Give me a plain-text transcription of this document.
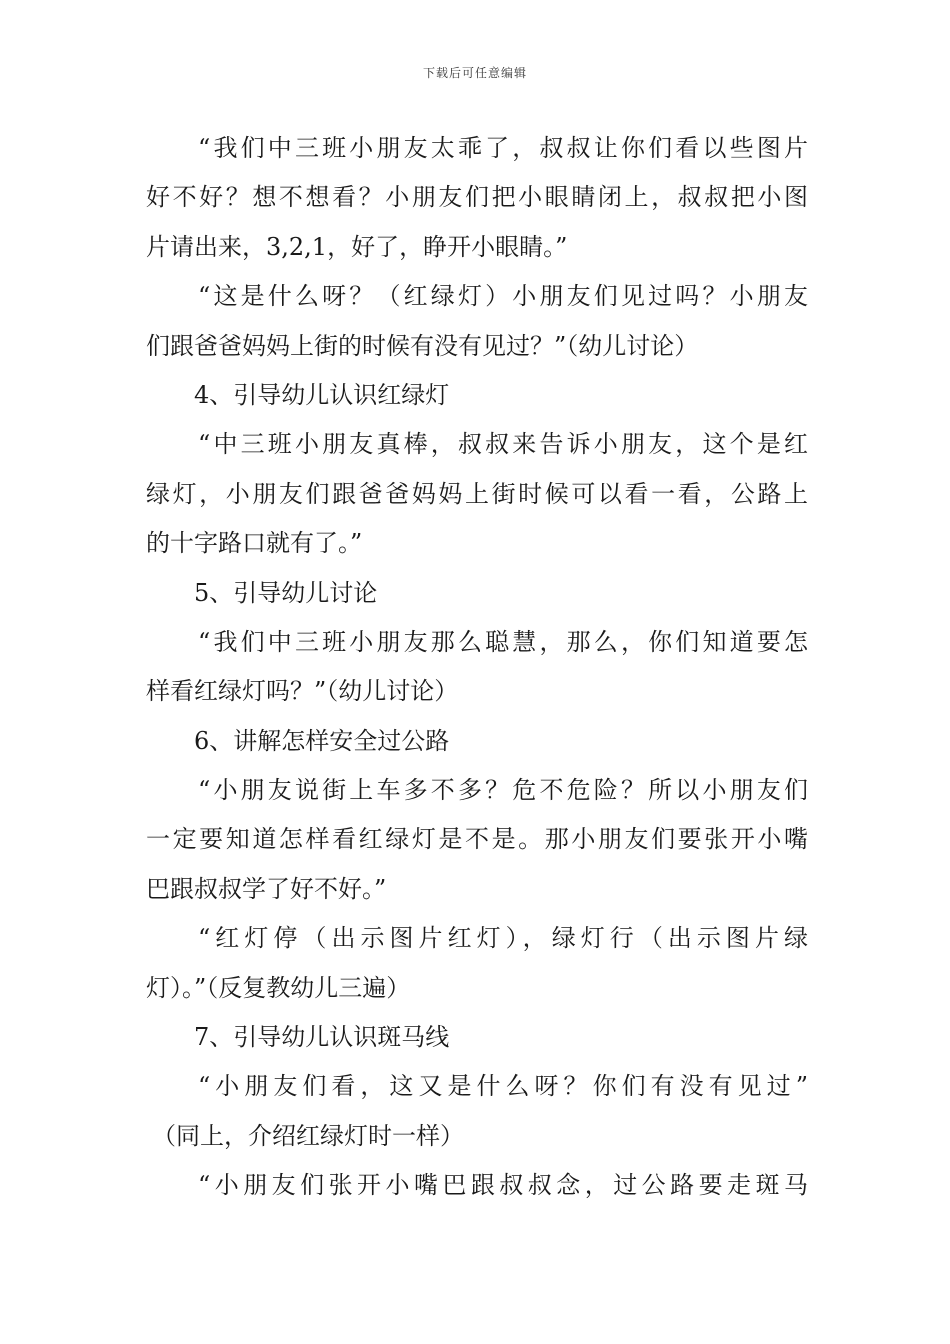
下载后可任意编辑
“我们中三班小朋友太乖了，叔叔让你们看以些图片
好不好？想不想看？小朋友们把小眼睛闭上，叔叔把小图
片请出来，3,2,1，好了，睁开小眼睛。”
“这是什么呀？（红绿灯）小朋友们见过吗？小朋友
们跟爸爸妈妈上街的时候有没有见过？”（幼儿讨论）
4、引导幼儿认识红绿灯
“中三班小朋友真棒，叔叔来告诉小朋友，这个是红
绿灯，小朋友们跟爸爸妈妈上街时候可以看一看，公路上
的十字路口就有了。”
5、引导幼儿讨论
“我们中三班小朋友那么聪慧，那么，你们知道要怎
样看红绿灯吗？”（幼儿讨论）
6、讲解怎样安全过公路
“小朋友说街上车多不多？危不危险？所以小朋友们
一定要知道怎样看红绿灯是不是。那小朋友们要张开小嘴
巴跟叔叔学了好不好。”
“红灯停（出示图片红灯），绿灯行（出示图片绿
灯）。”（反复教幼儿三遍）
7、引导幼儿认识斑马线
“小朋友们看，这又是什么呀？你们有没有见过”
（同上，介绍红绿灯时一样）
“小朋友们张开小嘴巴跟叔叔念，过公路要走斑马
